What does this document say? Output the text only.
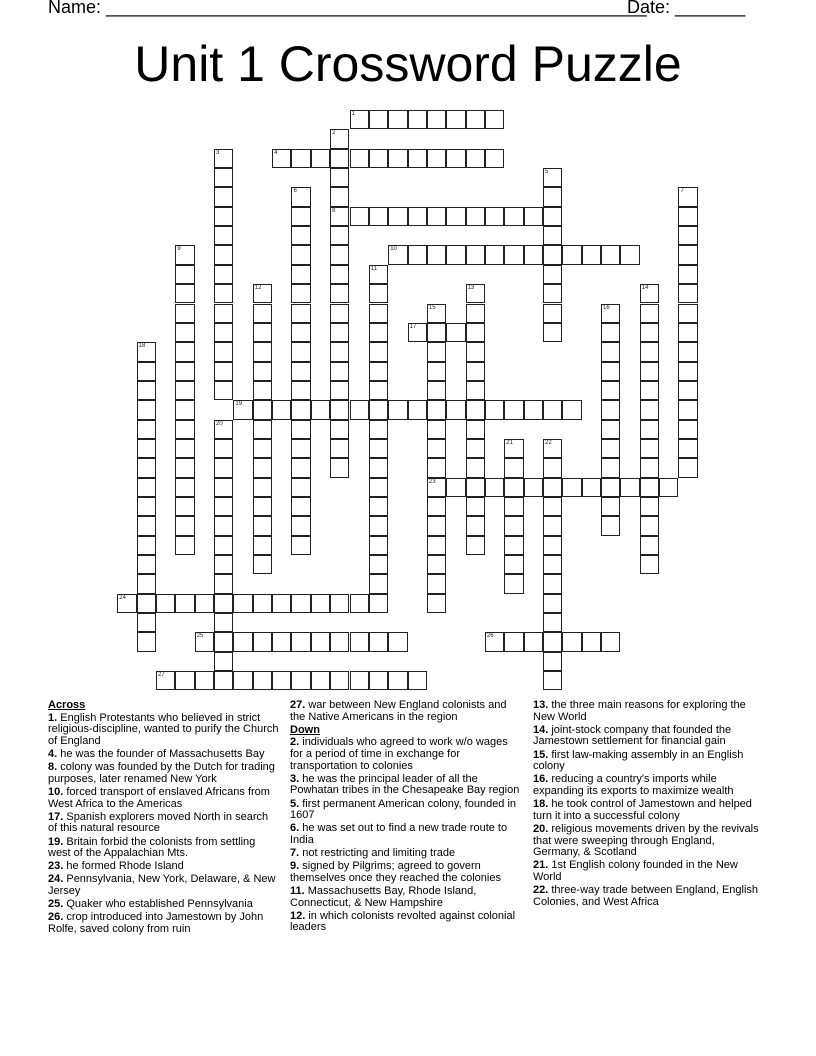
Name: ______________________________________________________
Date: _______
Unit 1 Crossword Puzzle
1
2
8
3	4
5
6	7
9	10
11
12	13	14
15
23
16
17
18
19
20
21	22
24
25	26
27
Across
1. English Protestants who believed in strict religious-discipline, wanted to purify the Church of England
4. he was the founder of Massachusetts Bay
8. colony was founded by the Dutch for trading purposes, later renamed New York
10. forced transport of enslaved Africans from West Africa to the Americas
17. Spanish explorers moved North in search of this natural resource
19. Britain forbid the colonists from settling west of the Appalachian Mts.
23. he formed Rhode Island
24. Pennsylvania, New York, Delaware, & New Jersey
25. Quaker who established Pennsylvania
26. crop introduced into Jamestown by John Rolfe, saved colony from ruin
27. war between New England colonists and the Native Americans in the region
Down
2. individuals who agreed to work w/o wages for a period of time in exchange for transportation to colonies
3. he was the principal leader of all the Powhatan tribes in the Chesapeake Bay region
5. first permanent American colony, founded in 1607
6. he was set out to find a new trade route to India
7. not restricting and limiting trade
9. signed by Pilgrims; agreed to govern themselves once they reached the colonies
11. Massachusetts Bay, Rhode Island, Connecticut, & New Hampshire
12. in which colonists revolted against colonial leaders
13. the three main reasons for exploring the New World
14. joint-stock company that founded the Jamestown settlement for financial gain
15. first law-making assembly in an English colony
16. reducing a country's imports while expanding its exports to maximize wealth
18. he took control of Jamestown and helped turn it into a successful colony
20. religious movements driven by the revivals that were sweeping through England, Germany, & Scotland
21. 1st English colony founded in the New World
22. three-way trade between England, English Colonies, and West Africa
